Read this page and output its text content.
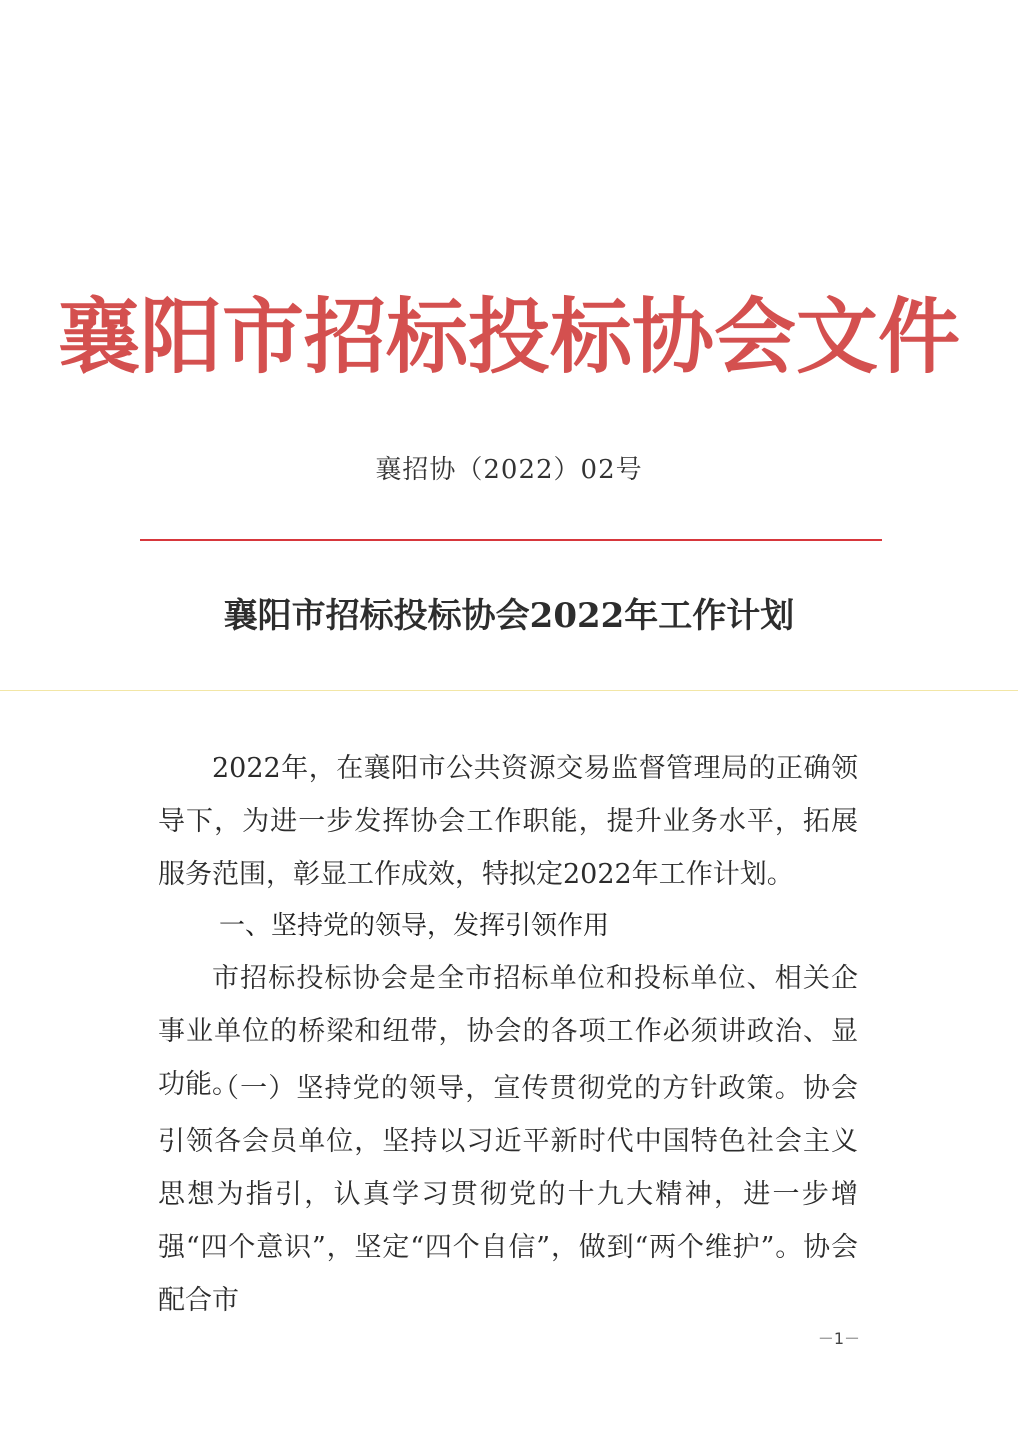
襄阳市招标投标协会文件
襄招协（2022）02号
襄阳市招标投标协会2022年工作计划
2022年，在襄阳市公共资源交易监督管理局的正确领导下，为进一步发挥协会工作职能，提升业务水平，拓展服务范围，彰显工作成效，特拟定2022年工作计划。
一、坚持党的领导，发挥引领作用
市招标投标协会是全市招标单位和投标单位、相关企事业单位的桥梁和纽带，协会的各项工作必须讲政治、显功能。
（一）坚持党的领导，宣传贯彻党的方针政策。协会引领各会员单位，坚持以习近平新时代中国特色社会主义思想为指引，认真学习贯彻党的十九大精神，进一步增强“四个意识”，坚定“四个自信”，做到“两个维护”。协会配合市
－1－
